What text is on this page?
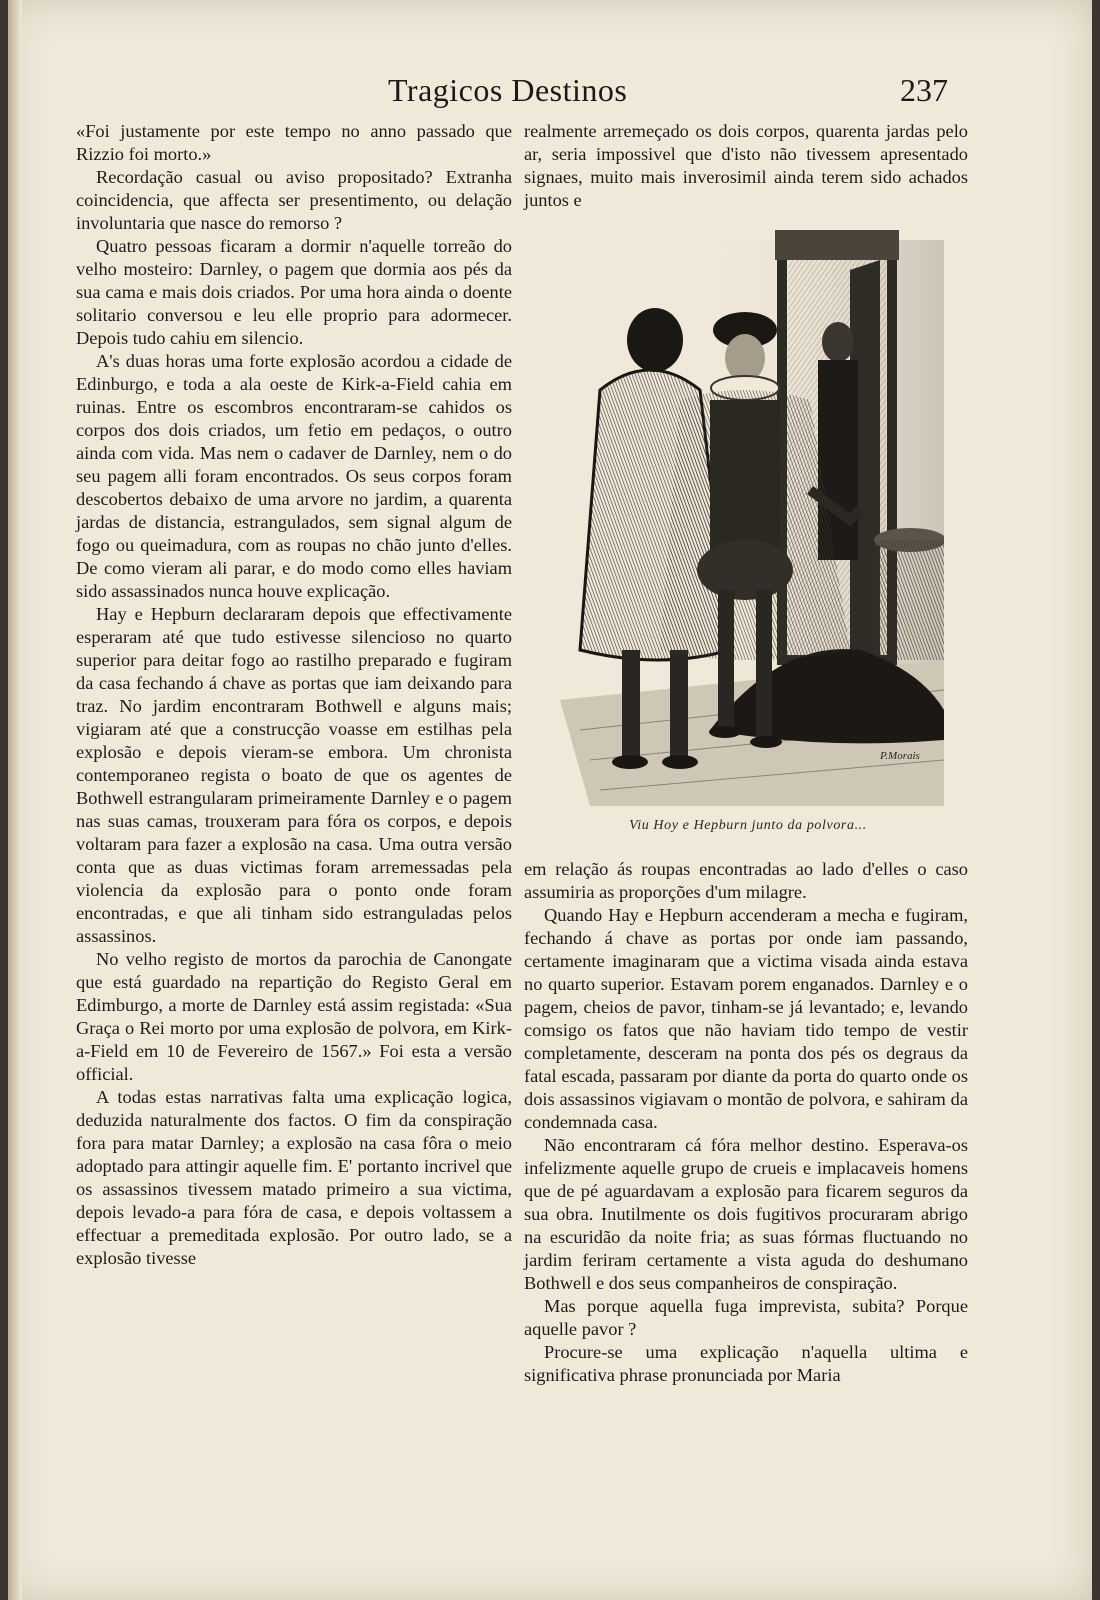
Tragicos Destinos	237

«Foi justamente por este tempo no anno passado que Rizzio foi morto.»

Recordação casual ou aviso propositado? Extranha coincidencia, que affecta ser presentimento, ou delação involuntaria que nasce do remorso ?

Quatro pessoas ficaram a dormir n'aquelle torreão do velho mosteiro: Darnley, o pagem que dormia aos pés da sua cama e mais dois criados. Por uma hora ainda o doente solitario conversou e leu elle proprio para adormecer. Depois tudo cahiu em silencio.

A's duas horas uma forte explosão acordou a cidade de Edinburgo, e toda a ala oeste de Kirk-a-Field cahia em ruinas. Entre os escombros encontraram-se cahidos os corpos dos dois criados, um fetio em pedaços, o outro ainda com vida. Mas nem o cadaver de Darnley, nem o do seu pagem alli foram encontrados. Os seus corpos foram descobertos debaixo de uma arvore no jardim, a quarenta jardas de distancia, estrangulados, sem signal algum de fogo ou queimadura, com as roupas no chão junto d'elles. De como vieram ali parar, e do modo como elles haviam sido assassinados nunca houve explicação.

Hay e Hepburn declararam depois que effectivamente esperaram até que tudo estivesse silencioso no quarto superior para deitar fogo ao rastilho preparado e fugiram da casa fechando á chave as portas que iam deixando para traz. No jardim encontraram Bothwell e alguns mais; vigiaram até que a construcção voasse em estilhas pela explosão e depois vieram-se embora. Um chronista contemporaneo regista o boato de que os agentes de Bothwell estrangularam primeiramente Darnley e o pagem nas suas camas, trouxeram para fóra os corpos, e depois voltaram para fazer a explosão na casa. Uma outra versão conta que as duas victimas foram arremessadas pela violencia da explosão para o ponto onde foram encontradas, e que ali tinham sido estranguladas pelos assassinos.

No velho registo de mortos da parochia de Canongate que está guardado na repartição do Registo Geral em Edimburgo, a morte de Darnley está assim registada: «Sua Graça o Rei morto por uma explosão de polvora, em Kirk-a-Field em 10 de Fevereiro de 1567.» Foi esta a versão official.

A todas estas narrativas falta uma explicação logica, deduzida naturalmente dos factos. O fim da conspiração fora para matar Darnley; a explosão na casa fôra o meio adoptado para attingir aquelle fim. E' portanto incrivel que os assassinos tivessem matado primeiro a sua victima, depois levado-a para fóra de casa, e depois voltassem a effectuar a premeditada explosão. Por outro lado, se a explosão tivesse

realmente arremeçado os dois corpos, quarenta jardas pelo ar, seria impossivel que d'isto não tivessem apresentado signaes, muito mais inverosimil ainda terem sido achados juntos e

P.Morais
Viu Hoy e Hepburn junto da polvora...

em relação ás roupas encontradas ao lado d'elles o caso assumiria as proporções d'um milagre.

Quando Hay e Hepburn accenderam a mecha e fugiram, fechando á chave as portas por onde iam passando, certamente imaginaram que a victima visada ainda estava no quarto superior. Estavam porem enganados. Darnley e o pagem, cheios de pavor, tinham-se já levantado; e, levando comsigo os fatos que não haviam tido tempo de vestir completamente, desceram na ponta dos pés os degraus da fatal escada, passaram por diante da porta do quarto onde os dois assassinos vigiavam o montão de polvora, e sahiram da condemnada casa.

Não encontraram cá fóra melhor destino. Esperava-os infelizmente aquelle grupo de crueis e implacaveis homens que de pé aguardavam a explosão para ficarem seguros da sua obra. Inutilmente os dois fugitivos procuraram abrigo na escuridão da noite fria; as suas fórmas fluctuando no jardim feriram certamente a vista aguda do deshumano Bothwell e dos seus companheiros de conspiração.

Mas porque aquella fuga imprevista, subita? Porque aquelle pavor ?

Procure-se uma explicação n'aquella ultima e significativa phrase pronunciada por Maria
